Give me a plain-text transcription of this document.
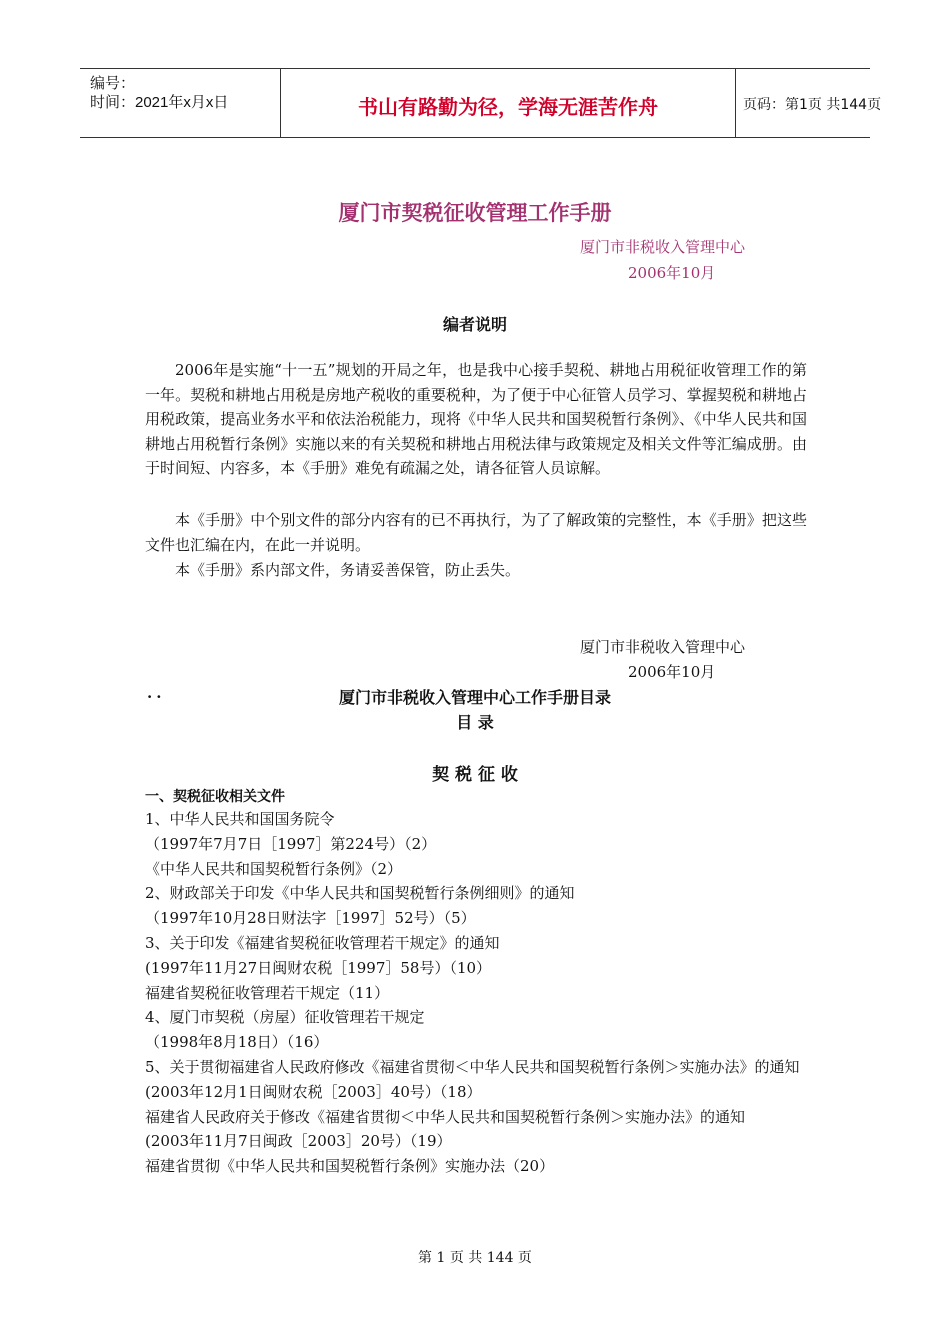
编号：
时间：2021年x月x日	书山有路勤为径，学海无涯苦作舟	页码：第1页 共144页
厦门市契税征收管理工作手册
厦门市非税收入管理中心
2006年10月
编者说明

2006年是实施“十一五”规划的开局之年，也是我中心接手契税、耕地占用税征收管理工作的第一年。契税和耕地占用税是房地产税收的重要税种，为了便于中心征管人员学习、掌握契税和耕地占用税政策，提高业务水平和依法治税能力，现将《中华人民共和国契税暂行条例》、《中华人民共和国耕地占用税暂行条例》实施以来的有关契税和耕地占用税法律与政策规定及相关文件等汇编成册。由于时间短、内容多，本《手册》难免有疏漏之处，请各征管人员谅解。

本《手册》中个别文件的部分内容有的已不再执行，为了了解政策的完整性，本《手册》把这些文件也汇编在内，在此一并说明。

本《手册》系内部文件，务请妥善保管，防止丢失。

厦门市非税收入管理中心
2006年10月
··	厦门市非税收入管理中心工作手册目录
目 录
契 税 征 收
一、契税征收相关文件
1、中华人民共和国国务院令
（1997年7月7日［1997］第224号）（2）
《中华人民共和国契税暂行条例》（2）
2、财政部关于印发《中华人民共和国契税暂行条例细则》的通知
（1997年10月28日财法字［1997］52号）（5）
3、关于印发《福建省契税征收管理若干规定》的通知
(1997年11月27日闽财农税［1997］58号）（10）
福建省契税征收管理若干规定（11）
4、厦门市契税（房屋）征收管理若干规定
（1998年8月18日）（16）
5、关于贯彻福建省人民政府修改《福建省贯彻＜中华人民共和国契税暂行条例＞实施办法》的通知
(2003年12月1日闽财农税［2003］40号）（18）
福建省人民政府关于修改《福建省贯彻＜中华人民共和国契税暂行条例＞实施办法》的通知
(2003年11月7日闽政［2003］20号）（19）
福建省贯彻《中华人民共和国契税暂行条例》实施办法（20）
第 1 页 共 144 页
